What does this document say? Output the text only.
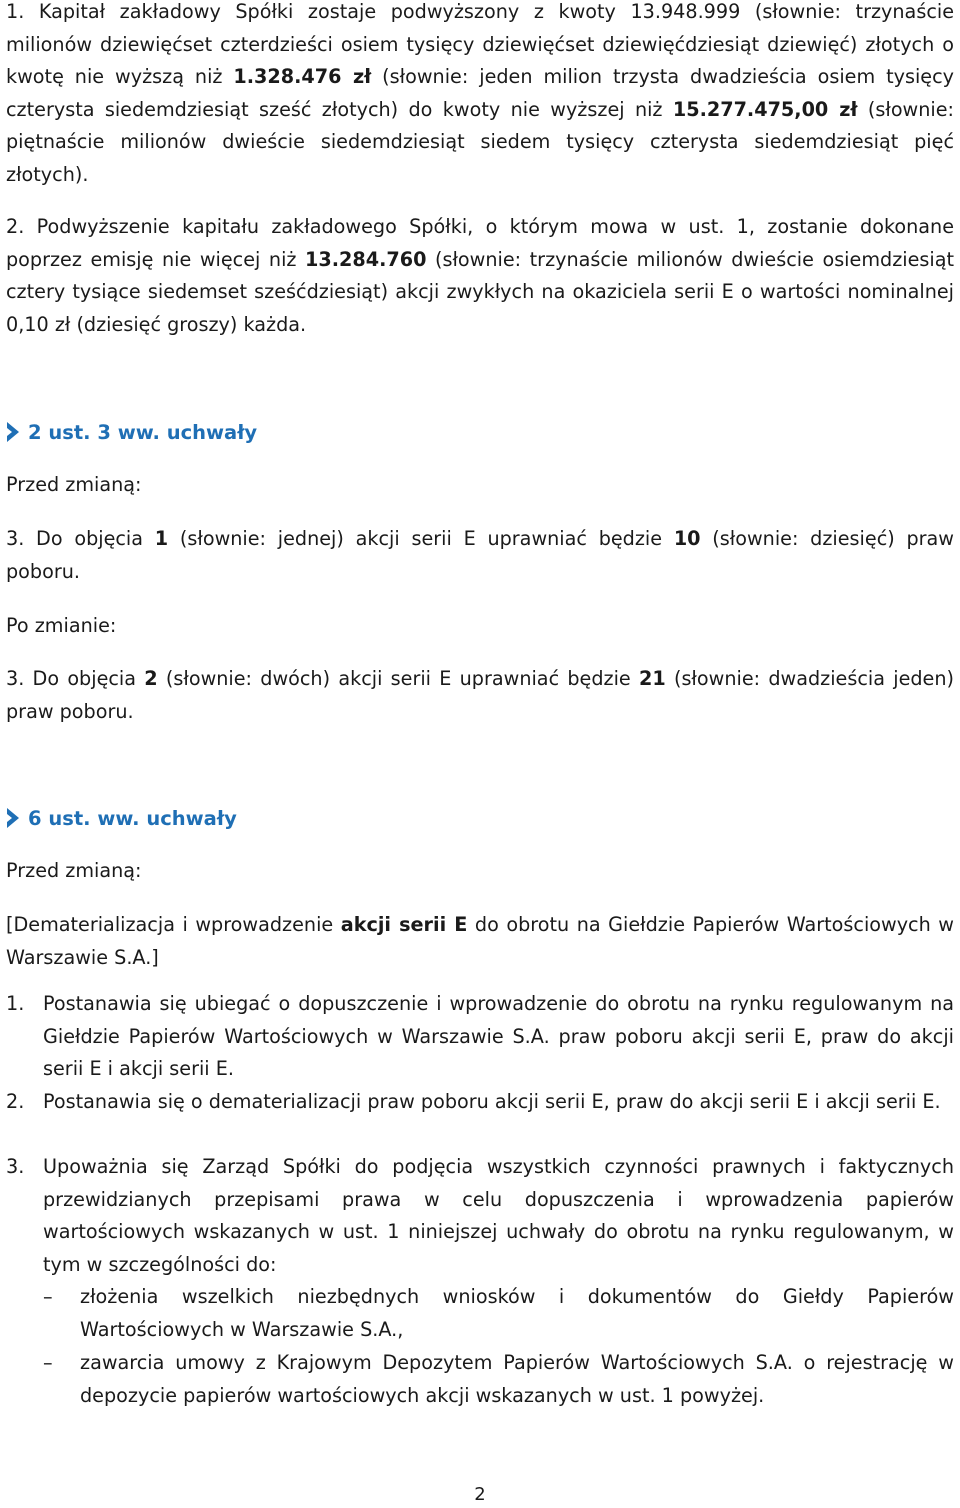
1. Kapitał zakładowy Spółki zostaje podwyższony z kwoty 13.948.999 (słownie: trzynaście milionów dziewięćset czterdzieści osiem tysięcy dziewięćset dziewięćdziesiąt dziewięć) złotych o kwotę nie wyższą niż 1.328.476 zł (słownie: jeden milion trzysta dwadzieścia osiem tysięcy czterysta siedemdziesiąt sześć złotych) do kwoty nie wyższej niż 15.277.475,00 zł (słownie: piętnaście milionów dwieście siedemdziesiąt siedem tysięcy czterysta siedemdziesiąt pięć złotych).

2. Podwyższenie kapitału zakładowego Spółki, o którym mowa w ust. 1, zostanie dokonane poprzez emisję nie więcej niż 13.284.760 (słownie: trzynaście milionów dwieście osiemdziesiąt cztery tysiące siedemset sześćdziesiąt) akcji zwykłych na okaziciela serii E o wartości nominalnej 0,10 zł (dziesięć groszy) każda.

2 ust. 3 ww. uchwały
Przed zmianą:

3. Do objęcia 1 (słownie: jednej) akcji serii E uprawniać będzie 10 (słownie: dziesięć) praw poboru.

Po zmianie:

3. Do objęcia 2 (słownie: dwóch) akcji serii E uprawniać będzie 21 (słownie: dwadzieścia jeden) praw poboru.

6 ust. ww. uchwały
Przed zmianą:

[Dematerializacja i wprowadzenie akcji serii E do obrotu na Giełdzie Papierów Wartościowych w Warszawie S.A.]

1. Postanawia się ubiegać o dopuszczenie i wprowadzenie do obrotu na rynku regulowanym na Giełdzie Papierów Wartościowych w Warszawie S.A. praw poboru akcji serii E, praw do akcji serii E i akcji serii E.
2. Postanawia się o dematerializacji praw poboru akcji serii E, praw do akcji serii E i akcji serii E.
3. Upoważnia się Zarząd Spółki do podjęcia wszystkich czynności prawnych i faktycznych przewidzianych przepisami prawa w celu dopuszczenia i wprowadzenia papierów wartościowych wskazanych w ust. 1 niniejszej uchwały do obrotu na rynku regulowanym, w tym w szczególności do:
– złożenia wszelkich niezbędnych wniosków i dokumentów do Giełdy Papierów Wartościowych w Warszawie S.A.,
– zawarcia umowy z Krajowym Depozytem Papierów Wartościowych S.A. o rejestrację w depozycie papierów wartościowych akcji wskazanych w ust. 1 powyżej.
2
